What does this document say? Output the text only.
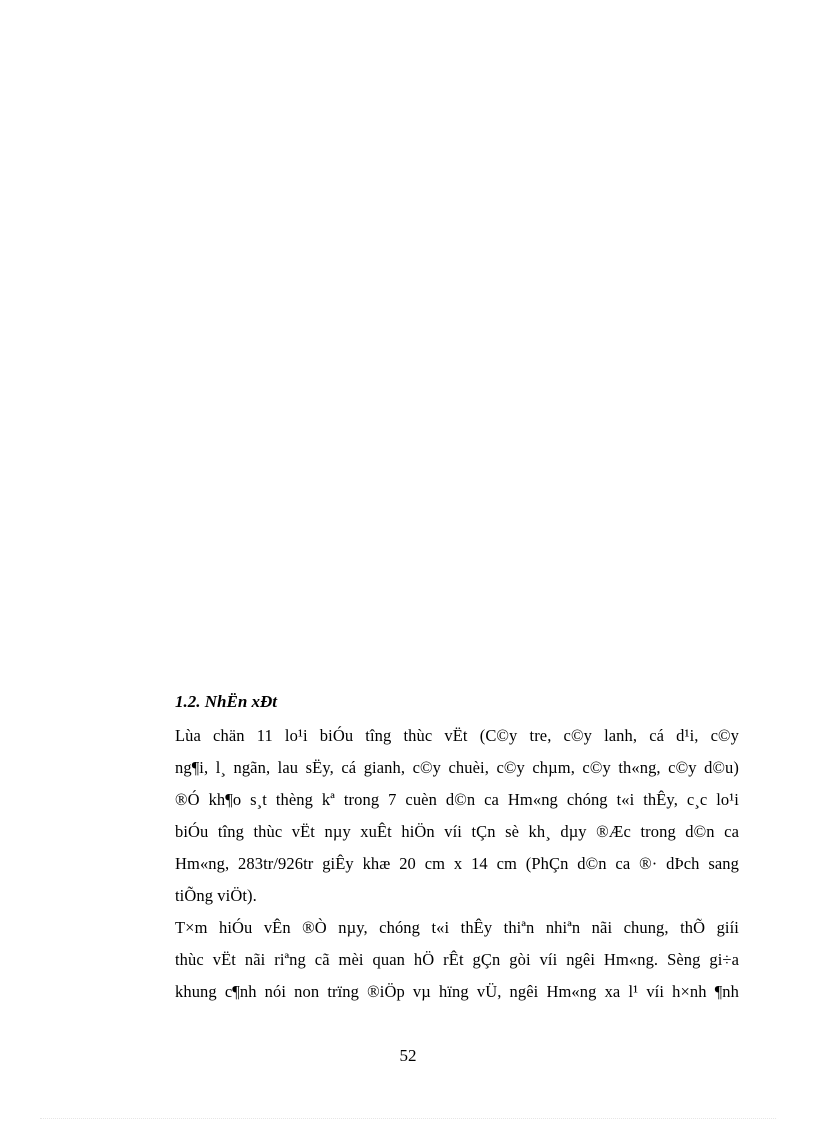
1.2. NhËn xÐt
Lùa chän 11 lo¹i biÓu tîng thùc vËt (C©y tre, c©y lanh, cá d¹i, c©y
ng¶i, l¸ ngãn, lau sËy, cá gianh, c©y chuèi, c©y chµm, c©y th«ng, c©y d©u)
®Ó kh¶o s¸t thèng kª trong 7 cuèn d©n ca Hm«ng chóng t«i thÊy, c¸c lo¹i
biÓu tîng thùc vËt nµy xuÊt hiÖn víi tÇn sè kh¸ dµy ®Æc trong d©n ca
Hm«ng, 283tr/926tr giÊy khæ 20 cm x 14 cm (PhÇn d©n ca ®· dÞch sang
tiÕng viÖt).
T×m hiÓu vÊn ®Ò nµy, chóng t«i thÊy thiªn nhiªn nãi chung, thÕ giíi
thùc vËt nãi riªng cã mèi quan hÖ rÊt gÇn gòi víi ngêi Hm«ng. Sèng gi÷a
khung c¶nh nói non trïng ®iÖp vµ hïng vÜ, ngêi Hm«ng xa l¹ víi h×nh ¶nh
52
